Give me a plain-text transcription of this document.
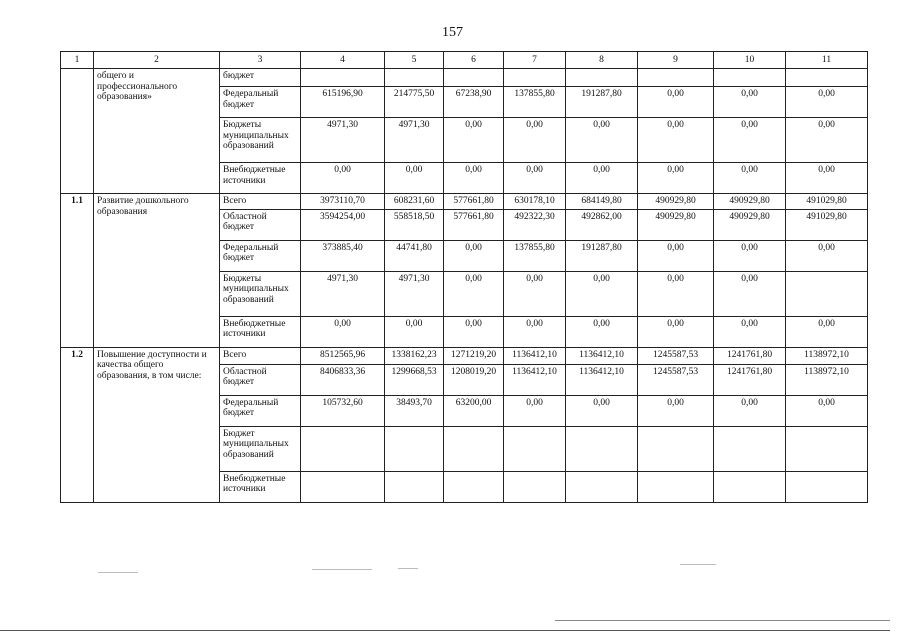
157
1	2	3	4	5	6	7	8	9	10	11
	общего и профессионального образования»	бюджет								
		Федеральный бюджет	615196,90	214775,50	67238,90	137855,80	191287,80	0,00	0,00	0,00
		Бюджеты муниципальных образований	4971,30	4971,30	0,00	0,00	0,00	0,00	0,00	0,00
		Внебюджетные источники	0,00	0,00	0,00	0,00	0,00	0,00	0,00	0,00
1.1	Развитие дошкольного образования	Всего	3973110,70	608231,60	577661,80	630178,10	684149,80	490929,80	490929,80	491029,80
		Областной бюджет	3594254,00	558518,50	577661,80	492322,30	492862,00	490929,80	490929,80	491029,80
		Федеральный бюджет	373885,40	44741,80	0,00	137855,80	191287,80	0,00	0,00	0,00
		Бюджеты муниципальных образований	4971,30	4971,30	0,00	0,00	0,00	0,00	0,00	
		Внебюджетные источники	0,00	0,00	0,00	0,00	0,00	0,00	0,00	0,00
1.2	Повышение доступности и качества общего образования, в том числе:	Всего	8512565,96	1338162,23	1271219,20	1136412,10	1136412,10	1245587,53	1241761,80	1138972,10
		Областной бюджет	8406833,36	1299668,53	1208019,20	1136412,10	1136412,10	1245587,53	1241761,80	1138972,10
		Федеральный бюджет	105732,60	38493,70	63200,00	0,00	0,00	0,00	0,00	0,00
		Бюджет муниципальных образований								
		Внебюджетные источники								
